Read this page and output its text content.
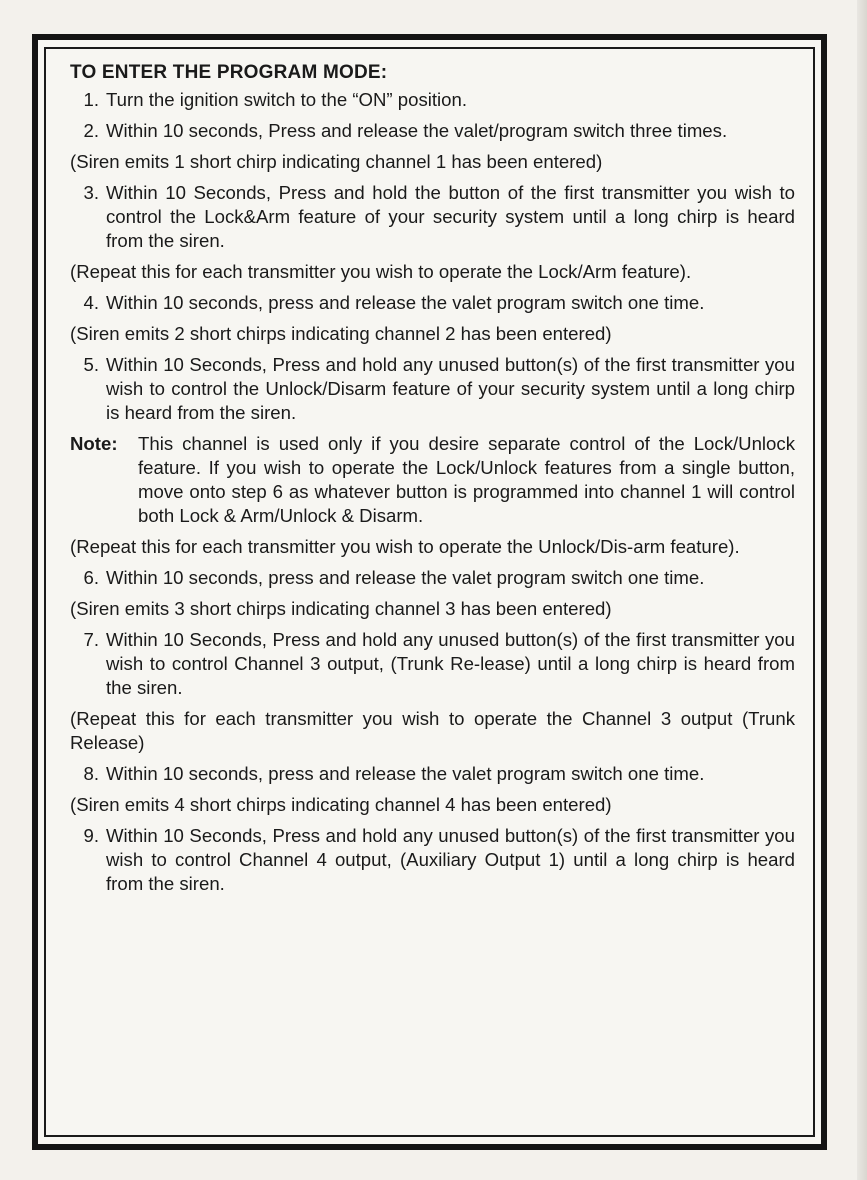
TO ENTER THE PROGRAM MODE:
1. Turn the ignition switch to the “ON” position.
2. Within 10 seconds, Press and release the valet/program switch three times.
(Siren emits 1 short chirp indicating channel 1 has been entered)
3. Within 10 Seconds, Press and hold the button of the first transmitter you wish to control the Lock&Arm feature of your security system until a long chirp is heard from the siren.
(Repeat this for each transmitter you wish to operate the Lock/Arm feature).
4. Within 10 seconds, press and release the valet program switch one time.
(Siren emits 2 short chirps indicating channel 2 has been entered)
5. Within 10 Seconds, Press and hold any unused button(s) of the first transmitter you wish to control the Unlock/Disarm feature of your security system until a long chirp is heard from the siren.
Note:	This channel is used only if you desire separate control of the Lock/Unlock feature. If you wish to operate the Lock/Unlock features from a single button, move onto step 6 as whatever button is programmed into channel 1 will control both Lock & Arm/Unlock & Disarm.
(Repeat this for each transmitter you wish to operate the Unlock/Dis-arm feature).
6. Within 10 seconds, press and release the valet program switch one time.
(Siren emits 3 short chirps indicating channel 3 has been entered)
7. Within 10 Seconds, Press and hold any unused button(s) of the first transmitter you wish to control Channel 3 output, (Trunk Re-lease) until a long chirp is heard from the siren.
(Repeat this for each transmitter you wish to operate the Channel 3 output (Trunk Release)
8. Within 10 seconds, press and release the valet program switch one time.
(Siren emits 4 short chirps indicating channel 4 has been entered)
9. Within 10 Seconds, Press and hold any unused button(s) of the first transmitter you wish to control Channel 4 output, (Auxiliary Output 1) until a long chirp is heard from the siren.
